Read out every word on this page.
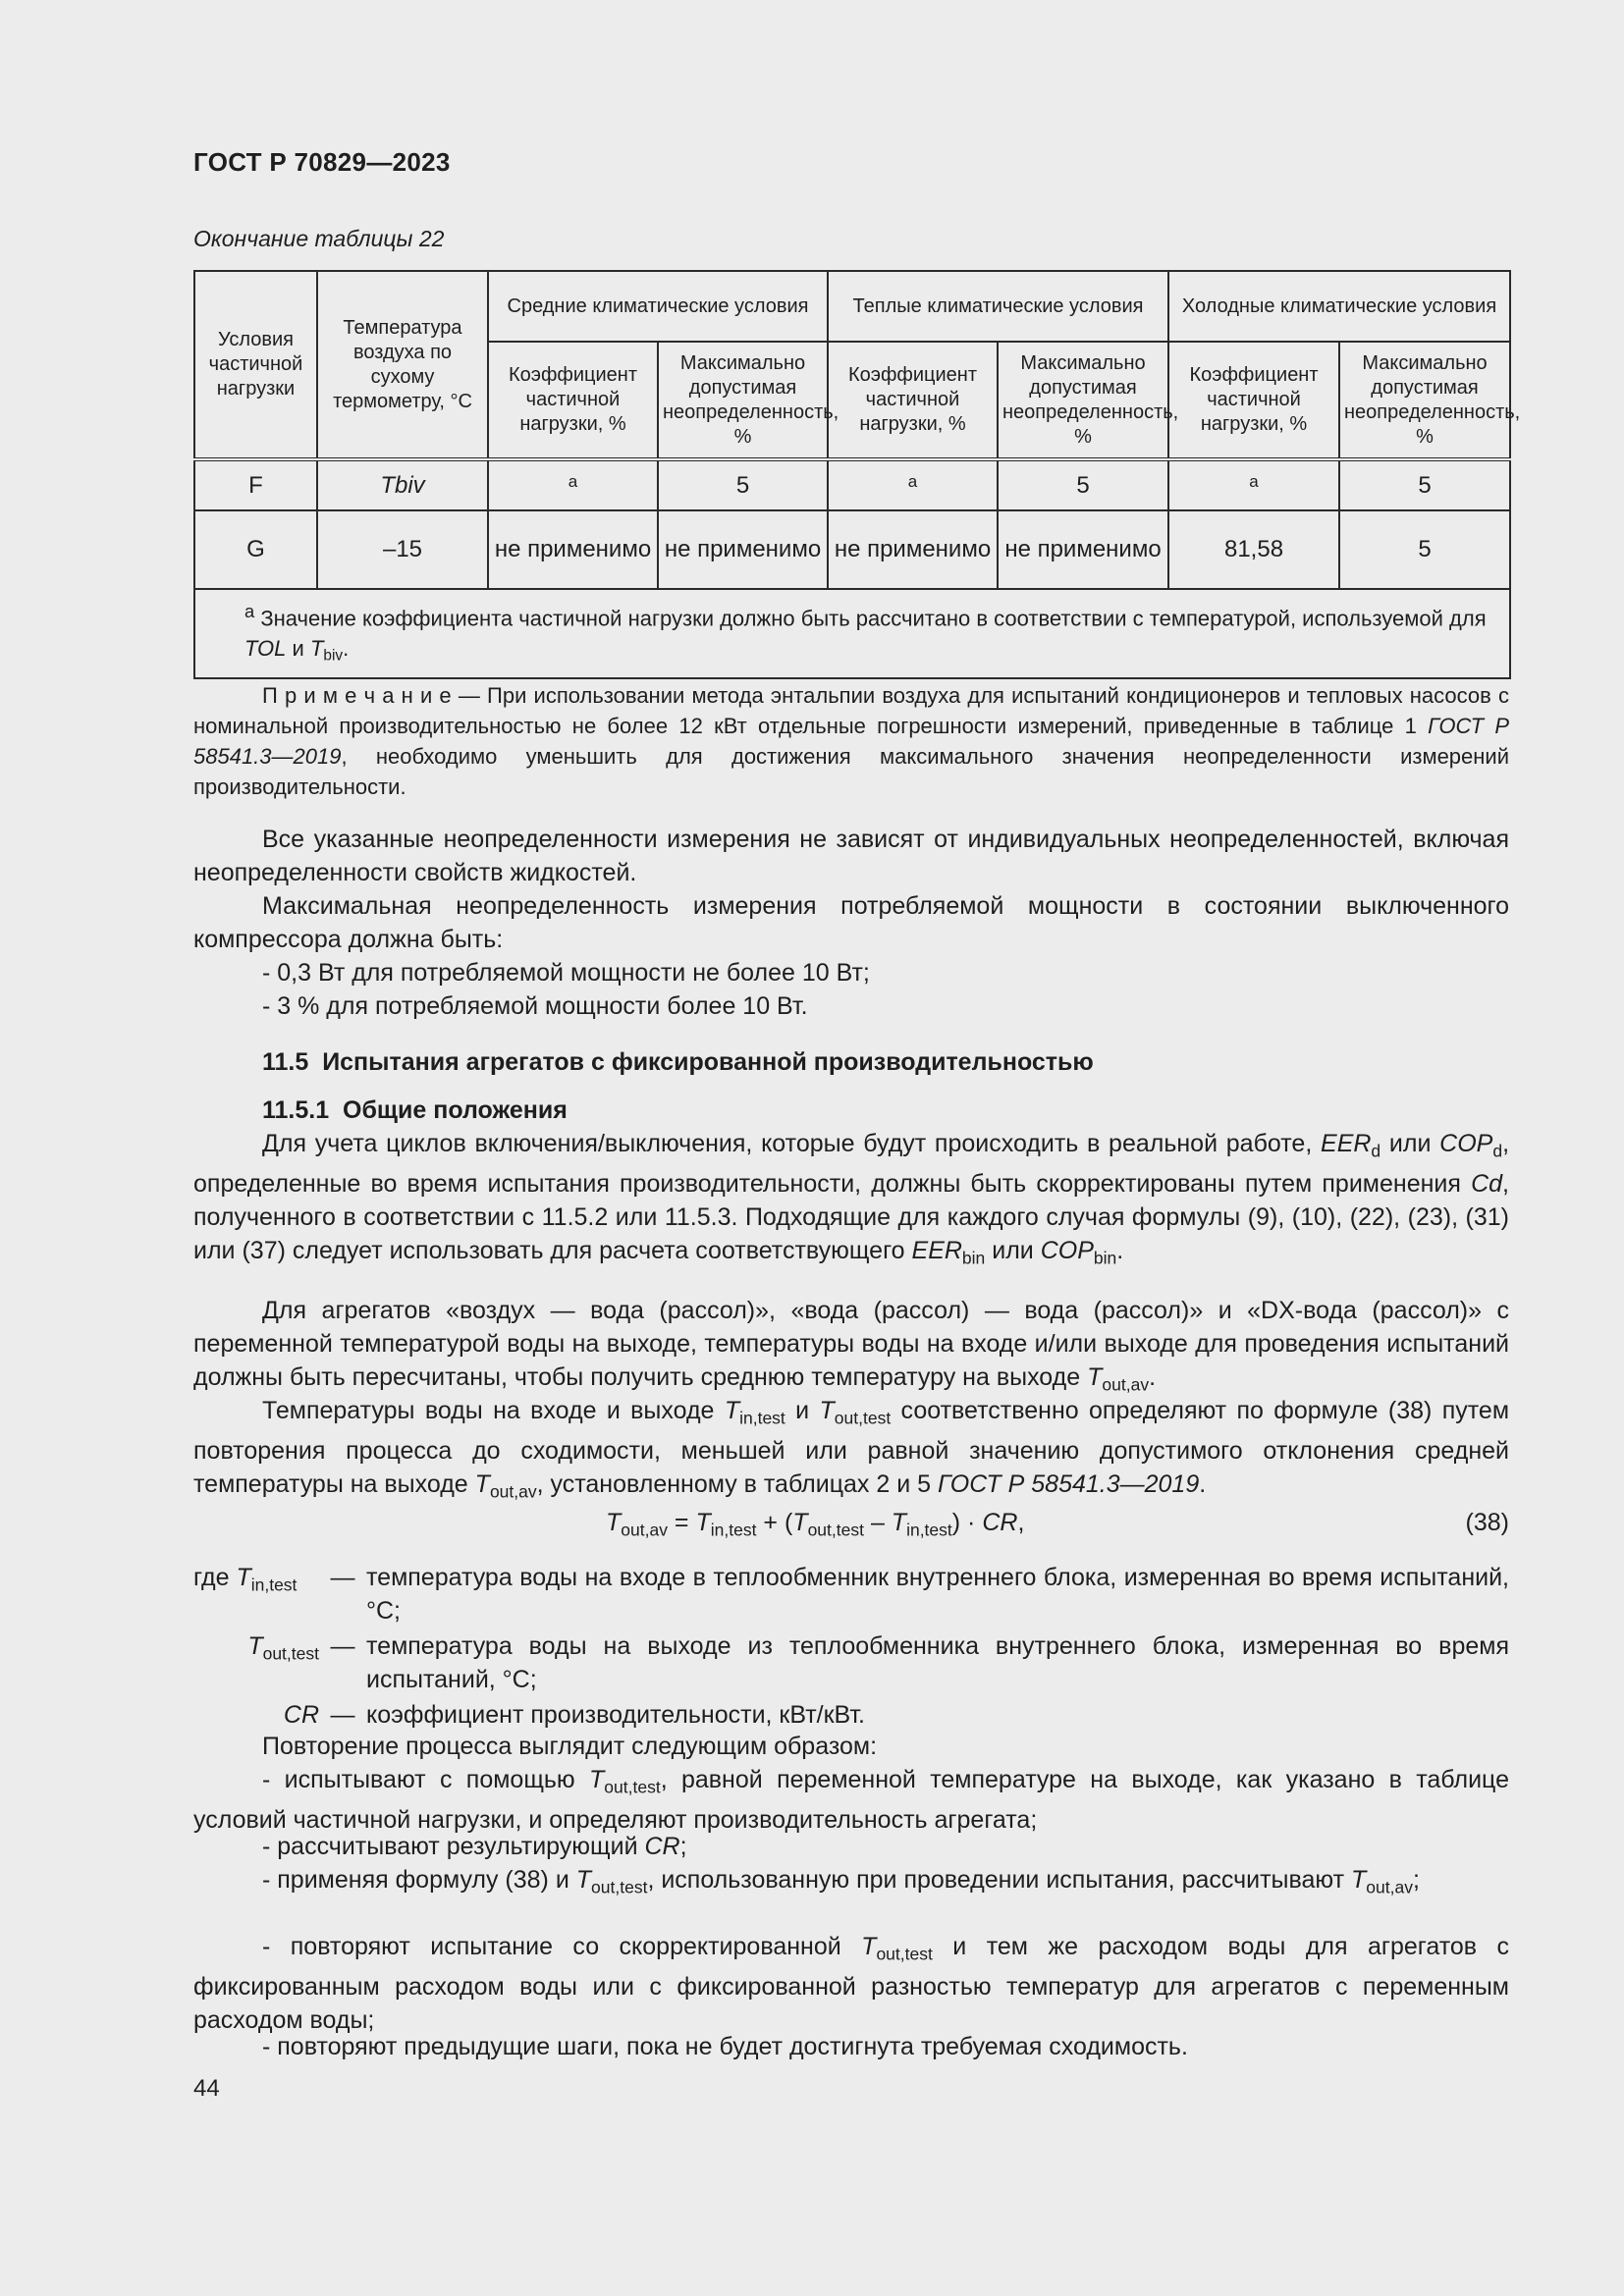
ГОСТ Р 70829—2023
Окончание таблицы 22
Условия частичной нагрузки	Температура воздуха по сухому термометру, °C	Средние климатические условия		Теплые климатические условия		Холодные климатические условия	
		Коэффициент частичной нагрузки, %	Максимально допустимая неопределенность, %	Коэффициент частичной нагрузки, %	Максимально допустимая неопределенность, %	Коэффициент частичной нагрузки, %	Максимально допустимая неопределенность, %
F	Tbiv	a	5	a	5	a	5
G	–15	не применимо	не применимо	не применимо	не применимо	81,58	5
$^a$ Значение коэффициента частичной нагрузки должно быть рассчитано в соответствии с температурой, используемой для TOL и $T_{biv}$.							
П р и м е ч а н и е — При использовании метода энтальпии воздуха для испытаний кондиционеров и тепловых насосов с номинальной производительностью не более 12 кВт отдельные погрешности измерений, приведенные в таблице 1 ГОСТ Р 58541.3—2019, необходимо уменьшить для достижения максимального значения неопределенности измерений производительности.
Все указанные неопределенности измерения не зависят от индивидуальных неопределенностей, включая неопределенности свойств жидкостей.
Максимальная неопределенность измерения потребляемой мощности в состоянии выключенного компрессора должна быть:
- 0,3 Вт для потребляемой мощности не более 10 Вт;
- 3 % для потребляемой мощности более 10 Вт.
11.5 Испытания агрегатов с фиксированной производительностью
11.5.1 Общие положения
Для учета циклов включения/выключения, которые будут происходить в реальной работе, $EER_d$ или $COP_d$, определенные во время испытания производительности, должны быть скорректированы путем применения Cd, полученного в соответствии с 11.5.2 или 11.5.3. Подходящие для каждого случая формулы (9), (10), (22), (23), (31) или (37) следует использовать для расчета соответствующего $EER_{bin}$ или $COP_{bin}$.
Для агрегатов «воздух — вода (рассол)», «вода (рассол) — вода (рассол)» и «DX-вода (рассол)» с переменной температурой воды на выходе, температуры воды на входе и/или выходе для проведения испытаний должны быть пересчитаны, чтобы получить среднюю температуру на выходе $T_{out,av}$.
Температуры воды на входе и выходе $T_{in,test}$ и $T_{out,test}$ соответственно определяют по формуле (38) путем повторения процесса до сходимости, меньшей или равной значению допустимого отклонения средней температуры на выходе $T_{out,av}$, установленному в таблицах 2 и 5 ГОСТ Р 58541.3—2019.
$T_{out,av} = T_{in,test} + (T_{out,test} - T_{in,test})$ · CR,	(38)
где $T_{in,test}$	— температура воды на входе в теплообменник внутреннего блока, измеренная во время испытаний, °C;
$T_{out,test}$ — температура воды на выходе из теплообменника внутреннего блока, измеренная во время испытаний, °C;
CR — коэффициент производительности, кВт/кВт.
Повторение процесса выглядит следующим образом:
- испытывают с помощью $T_{out,test}$, равной переменной температуре на выходе, как указано в таблице условий частичной нагрузки, и определяют производительность агрегата;
- рассчитывают результирующий CR;
- применяя формулу (38) и $T_{out,test}$, использованную при проведении испытания, рассчитывают $T_{out,av}$;
- повторяют испытание со скорректированной $T_{out,test}$ и тем же расходом воды для агрегатов с фиксированным расходом воды или с фиксированной разностью температур для агрегатов с переменным расходом воды;
- повторяют предыдущие шаги, пока не будет достигнута требуемая сходимость.
44
